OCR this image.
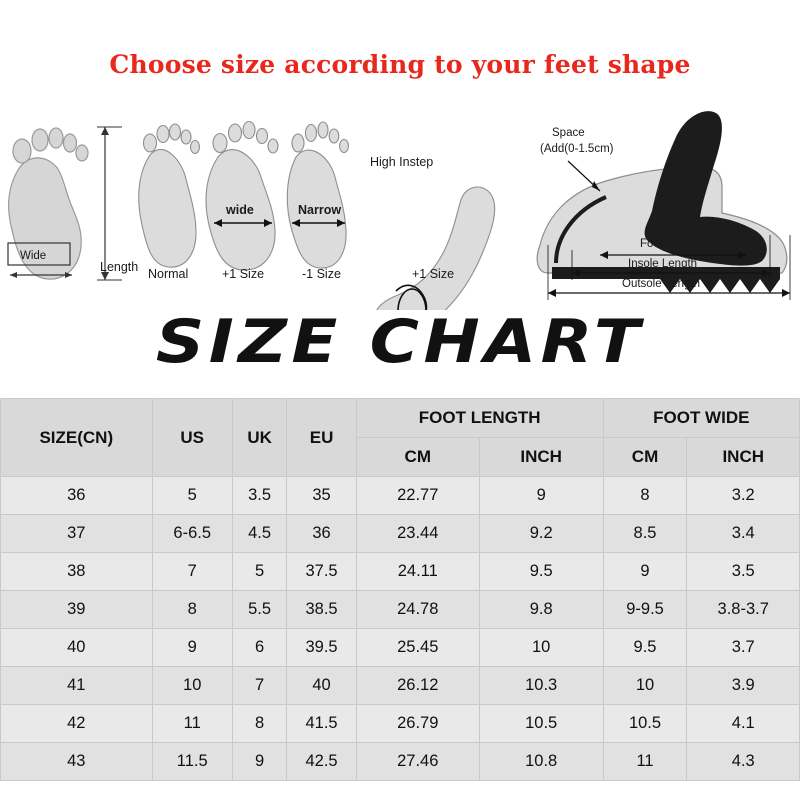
Choose size according to your feet shape
Wide
Length
wide	Narrow
Normal	+1 Size	-1 Size
High Instep
+1 Size
Space
(Add(0-1.5cm)
Foot Length
Insole Length
Outsole Length
SIZE CHART
SIZE(CN)	US	UK	EU	FOOT LENGTH		FOOT WIDE	
				CM	INCH	CM	INCH
36	5	3.5	35	22.77	9	8	3.2
37	6-6.5	4.5	36	23.44	9.2	8.5	3.4
38	7	5	37.5	24.11	9.5	9	3.5
39	8	5.5	38.5	24.78	9.8	9-9.5	3.8-3.7
40	9	6	39.5	25.45	10	9.5	3.7
41	10	7	40	26.12	10.3	10	3.9
42	11	8	41.5	26.79	10.5	10.5	4.1
43	11.5	9	42.5	27.46	10.8	11	4.3
